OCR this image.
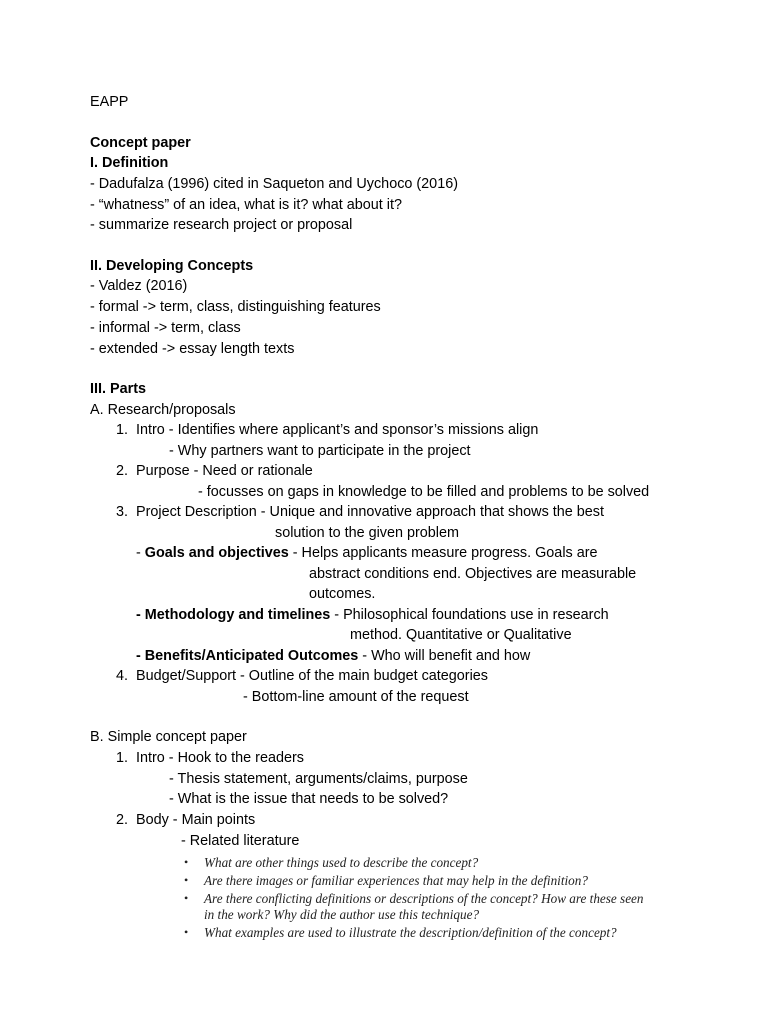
EAPP
Concept paper
I. Definition
- Dadufalza (1996) cited in Saqueton and Uychoco (2016)
- “whatness” of an idea, what is it? what about it?
- summarize research project or proposal
II. Developing Concepts
- Valdez (2016)
- formal -> term, class, distinguishing features
- informal -> term, class
- extended -> essay length texts
III. Parts
A. Research/proposals
1. Intro - Identifies where applicant’s and sponsor’s missions align
- Why partners want to participate in the project
2. Purpose - Need or rationale
- focusses on gaps in knowledge to be filled and problems to be solved
3. Project Description - Unique and innovative approach that shows the best
solution to the given problem
- Goals and objectives - Helps applicants measure progress. Goals are
abstract conditions end. Objectives are measurable
outcomes.
- Methodology and timelines - Philosophical foundations use in research
method. Quantitative or Qualitative
- Benefits/Anticipated Outcomes - Who will benefit and how
4. Budget/Support - Outline of the main budget categories
- Bottom-line amount of the request
B. Simple concept paper
1. Intro - Hook to the readers
- Thesis statement, arguments/claims, purpose
- What is the issue that needs to be solved?
2. Body - Main points
- Related literature
• What are other things used to describe the concept?
• Are there images or familiar experiences that may help in the definition?
• Are there conflicting definitions or descriptions of the concept? How are these seen
in the work? Why did the author use this technique?
• What examples are used to illustrate the description/definition of the concept?
